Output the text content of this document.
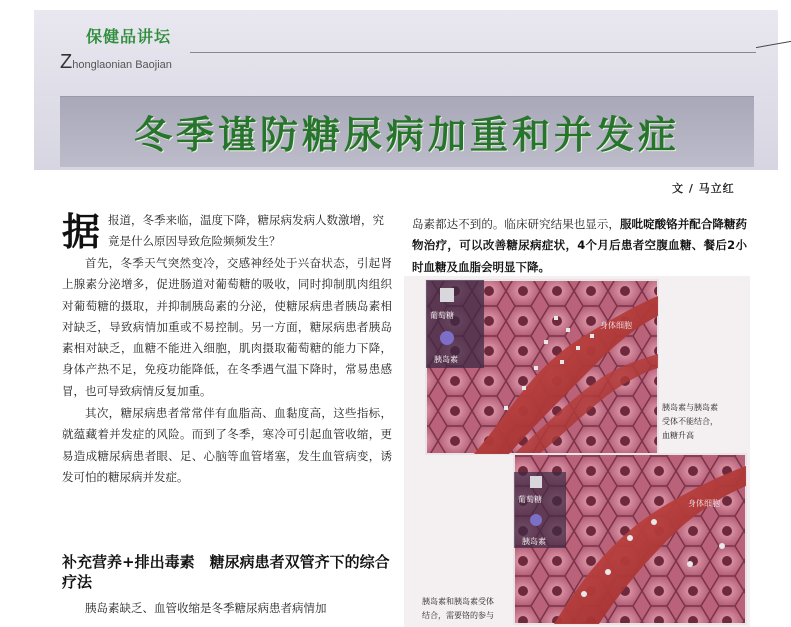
保健品讲坛
Zhonglaonian Baojian
冬季谨防糖尿病加重和并发症
文 / 马立红
据 报道，冬季来临，温度下降，糖尿病发病人数激增，究竟是什么原因导致危险频频发生？

首先，冬季天气突然变冷，交感神经处于兴奋状态，引起肾上腺素分泌增多，促进肠道对葡萄糖的吸收，同时抑制肌肉组织对葡萄糖的摄取，并抑制胰岛素的分泌，使糖尿病患者胰岛素相对缺乏，导致病情加重或不易控制。另一方面，糖尿病患者胰岛素相对缺乏，血糖不能进入细胞，肌肉摄取葡萄糖的能力下降，身体产热不足，免疫功能降低，在冬季遇气温下降时，常易患感冒，也可导致病情反复加重。

其次，糖尿病患者常常伴有血脂高、血黏度高，这些指标，就蕴藏着并发症的风险。而到了冬季，寒冷可引起血管收缩，更易造成糖尿病患者眼、足、心脑等血管堵塞，发生血管病变，诱发可怕的糖尿病并发症。

补充营养+排出毒素　糖尿病患者双管齐下的综合疗法

胰岛素缺乏、血管收缩是冬季糖尿病患者病情加

岛素都达不到的。临床研究结果也显示，服吡啶酸铬并配合降糖药物治疗，可以改善糖尿病症状，4个月后患者空腹血糖、餐后2小时血糖及血脂会明显下降。
葡萄糖
胰岛素
身体细胞
胰岛素与胰岛素
受体不能结合，
血糖升高
葡萄糖
胰岛素
身体细胞
胰岛素和胰岛素受体
结合，需要铬的参与
